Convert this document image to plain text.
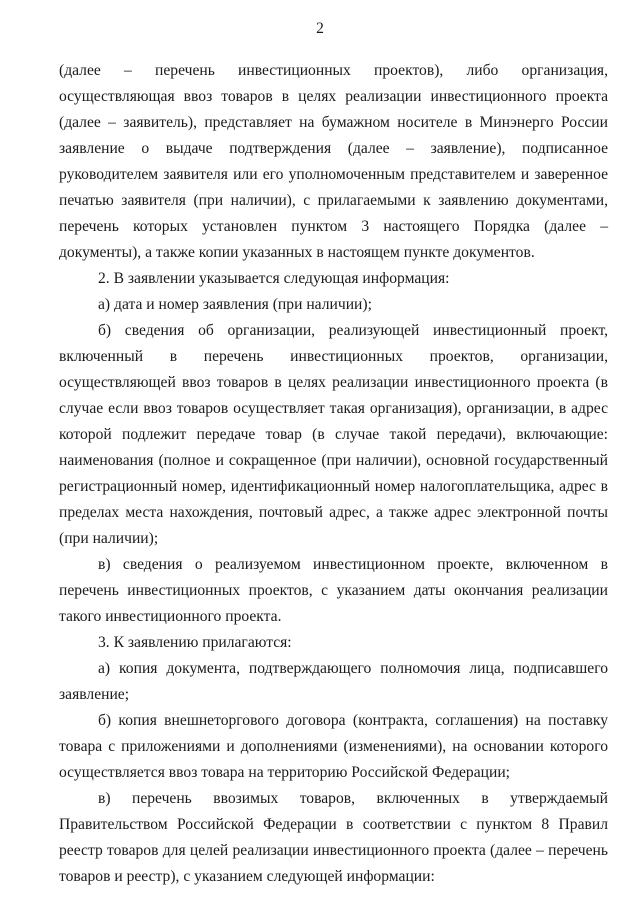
2

(далее – перечень инвестиционных проектов), либо организация, осуществляющая ввоз товаров в целях реализации инвестиционного проекта (далее – заявитель), представляет на бумажном носителе в Минэнерго России заявление о выдаче подтверждения (далее – заявление), подписанное руководителем заявителя или его уполномоченным представителем и заверенное печатью заявителя (при наличии), с прилагаемыми к заявлению документами, перечень которых установлен пунктом 3 настоящего Порядка (далее – документы), а также копии указанных в настоящем пункте документов.

2. В заявлении указывается следующая информация:

а) дата и номер заявления (при наличии);

б) сведения об организации, реализующей инвестиционный проект, включенный в перечень инвестиционных проектов, организации, осуществляющей ввоз товаров в целях реализации инвестиционного проекта (в случае если ввоз товаров осуществляет такая организация), организации, в адрес которой подлежит передаче товар (в случае такой передачи), включающие: наименования (полное и сокращенное (при наличии), основной государственный регистрационный номер, идентификационный номер налогоплательщика, адрес в пределах места нахождения, почтовый адрес, а также адрес электронной почты (при наличии);

в) сведения о реализуемом инвестиционном проекте, включенном в перечень инвестиционных проектов, с указанием даты окончания реализации такого инвестиционного проекта.

3. К заявлению прилагаются:

а) копия документа, подтверждающего полномочия лица, подписавшего заявление;

б) копия внешнеторгового договора (контракта, соглашения) на поставку товара с приложениями и дополнениями (изменениями), на основании которого осуществляется ввоз товара на территорию Российской Федерации;

в) перечень ввозимых товаров, включенных в утверждаемый Правительством Российской Федерации в соответствии с пунктом 8 Правил реестр товаров для целей реализации инвестиционного проекта (далее – перечень товаров и реестр), с указанием следующей информации:
